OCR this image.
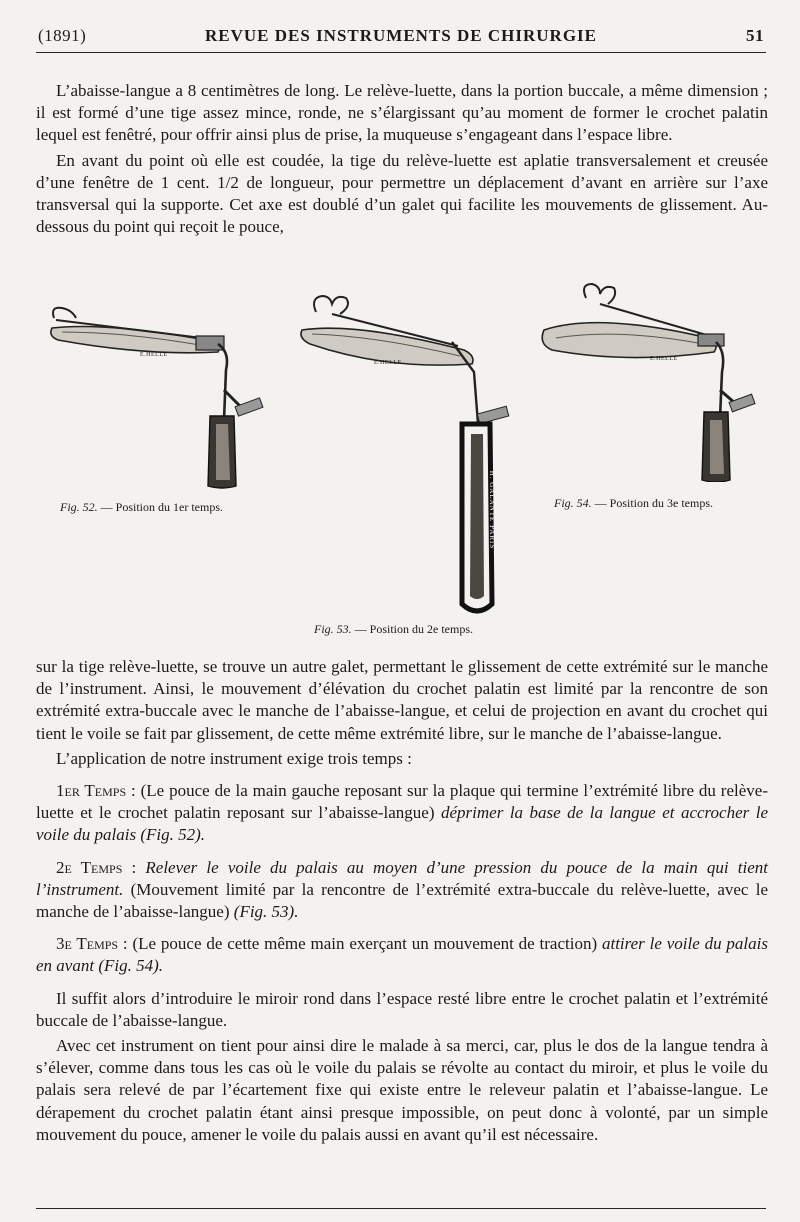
(1891)	REVUE DES INSTRUMENTS DE CHIRURGIE	51

L’abaisse-langue a 8 centimètres de long. Le relève-luette, dans la portion buccale, a même dimension ; il est formé d’une tige assez mince, ronde, ne s’élargissant qu’au moment de former le crochet palatin lequel est fenêtré, pour offrir ainsi plus de prise, la muqueuse s’engageant dans l’espace libre.

En avant du point où elle est coudée, la tige du relève-luette est aplatie transversalement et creusée d’une fenêtre de 1 cent. 1/2 de longueur, pour permettre un déplacement d’avant en arrière sur l’axe transversal qui la supporte. Cet axe est doublé d’un galet qui facilite les mouvements de glissement. Au-dessous du point qui reçoit le pouce,

E.HELLE
E.HELLE
H. GALANTE PARIS
E.HELLE
Fig. 52. — Position du 1er temps.	Fig. 54. — Position du 3e temps.
Fig. 53. — Position du 2e temps.

sur la tige relève-luette, se trouve un autre galet, permettant le glissement de cette extrémité sur le manche de l’instrument. Ainsi, le mouvement d’élévation du crochet palatin est limité par la rencontre de son extrémité extra-buccale avec le manche de l’abaisse-langue, et celui de projection en avant du crochet qui tient le voile se fait par glissement, de cette même extrémité libre, sur le manche de l’abaisse-langue.

L’application de notre instrument exige trois temps :

1er Temps : (Le pouce de la main gauche reposant sur la plaque qui termine l’extrémité libre du relève-luette et le crochet palatin reposant sur l’abaisse-langue) déprimer la base de la langue et accrocher le voile du palais (Fig. 52).

2e Temps : Relever le voile du palais au moyen d’une pression du pouce de la main qui tient l’instrument. (Mouvement limité par la rencontre de l’extrémité extra-buccale du relève-luette, avec le manche de l’abaisse-langue) (Fig. 53).

3e Temps : (Le pouce de cette même main exerçant un mouvement de traction) attirer le voile du palais en avant (Fig. 54).

Il suffit alors d’introduire le miroir rond dans l’espace resté libre entre le crochet palatin et l’extrémité buccale de l’abaisse-langue.

Avec cet instrument on tient pour ainsi dire le malade à sa merci, car, plus le dos de la langue tendra à s’élever, comme dans tous les cas où le voile du palais se révolte au contact du miroir, et plus le voile du palais sera relevé de par l’écartement fixe qui existe entre le releveur palatin et l’abaisse-langue. Le dérapement du crochet palatin étant ainsi presque impossible, on peut donc à volonté, par un simple mouvement du pouce, amener le voile du palais aussi en avant qu’il est nécessaire.
